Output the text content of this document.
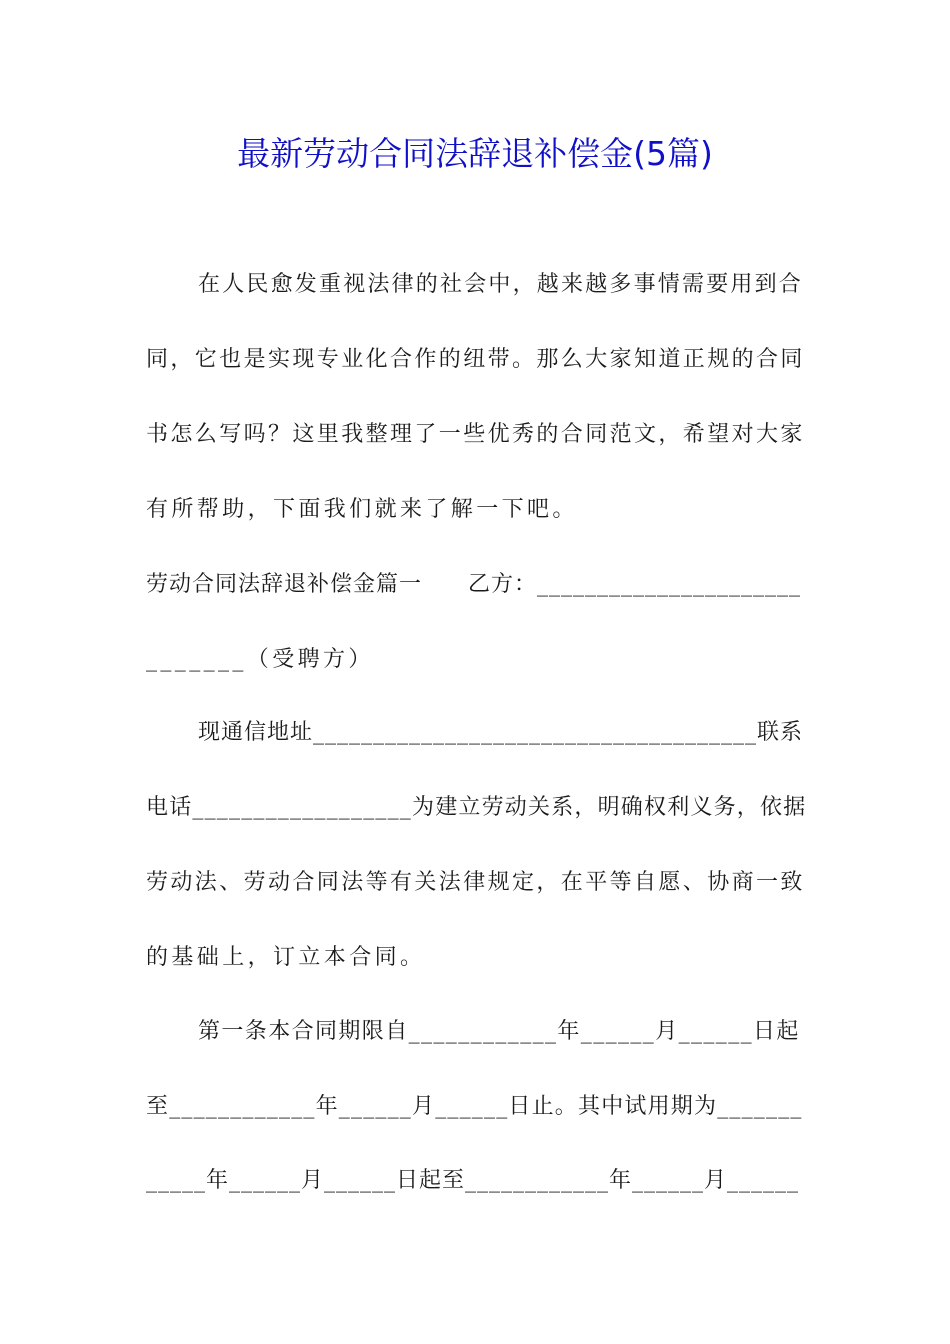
最新劳动合同法辞退补偿金(5篇)
在人民愈发重视法律的社会中，越来越多事情需要用到合
同，它也是实现专业化合作的纽带。那么大家知道正规的合同
书怎么写吗？这里我整理了一些优秀的合同范文，希望对大家
有所帮助，下面我们就来了解一下吧。
劳动合同法辞退补偿金篇一　　乙方：______________________
_______（受聘方）
现通信地址_____________________________________联系
电话__________________为建立劳动关系，明确权利义务，依据
劳动法、劳动合同法等有关法律规定，在平等自愿、协商一致
的基础上，订立本合同。
第一条本合同期限自____________年______月______日起
至____________年______月______日止。其中试用期为_______
_____年______月______日起至____________年______月______
